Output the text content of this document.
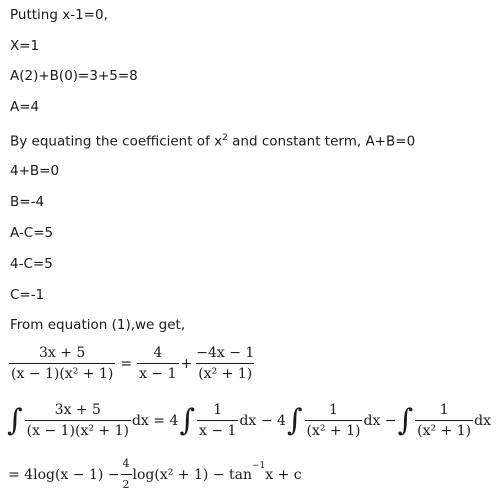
Putting x-1=0,
X=1
A(2)+B(0)=3+5=8
A=4
By equating the coefficient of $x^2$ and constant term, A+B=0
4+B=0
B=-4
A-C=5
4-C=5
C=-1
From equation (1),we get,
$\frac{3x + 5}{\text{(x − 1)(x² + 1)}} = \frac{4}{x - 1} + \frac{-4x - 1}{\text{(x² + 1)}}$
∫ $\frac{3x + 5}{\text{(x − 1)(x² + 1)}}$ dx = 4 ∫ $\frac{1}{x - 1}$ dx − 4 ∫ $\frac{1}{\text{(x² + 1)}}$ dx − ∫ $\frac{1}{\text{(x² + 1)}}$ dx
= $4\log(x - 1) - \frac{4}{2} \log(x^2 + 1) - \tan$
−1
x + c
